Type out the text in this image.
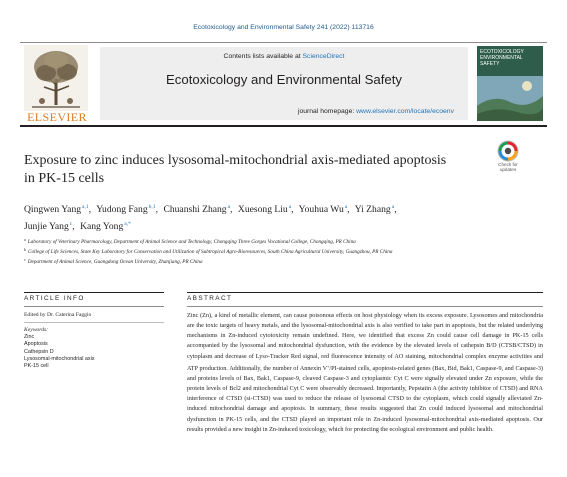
Ecotoxicology and Environmental Safety 241 (2022) 113716
ELSEVIER
Contents lists available at ScienceDirect
Ecotoxicology and Environmental Safety
journal homepage: www.elsevier.com/locate/ecoenv
ECOTOXICOLOGY
ENVIRONMENTAL
SAFETY
Exposure to zinc induces lysosomal-mitochondrial axis-mediated apoptosis
in PK-15 cells
Check for
updates
Qingwen Yang$^{a,1}$, Yudong Fang$^{b,1}$, Chuanshi Zhang$^a$, Xuesong Liu$^a$, Youhua Wu$^a$, Yi Zhang$^a$,
Junjie Yang$^c$, Kang Yong$^{a,*}$
$^a$ Laboratory of Veterinary Pharmacology, Department of Animal Science and Technology, Chongqing Three Gorges Vocational College, Chongqing, PR China
$^b$ College of Life Sciences, State Key Laboratory for Conservation and Utilization of Subtropical Agro-Bioresources, South China Agricultural University, Guangzhou, PR China
$^c$ Department of Animal Science, Guangdong Ocean University, Zhanjiang, PR China
ARTICLE INFO	ABSTRACT
Edited by Dr. Caterina Faggio
Keywords:
Zinc
Apoptosis
Cathepsin D
Lysosomal-mitochondrial axis
PK-15 cell
Zinc (Zn), a kind of metallic element, can cause poisonous effects on host physiology when its excess exposure. Lysosomes and mitochondria are the toxic targets of heavy metals, and the lysosomal-mitochondrial axis is also verified to take part in apoptosis, but the related underlying mechanisms in Zn-induced cytotoxicity remain undefined. Here, we identified that excess Zn could cause cell damage in PK-15 cells accompanied by the lysosomal and mitochondrial dysfunction, with the evidence by the elevated levels of cathepsin B/D (CTSB/CTSD) in cytoplasm and decrease of Lyso-Tracker Red signal, red fluorescence intensity of AO staining, mitochondrial complex enzyme activities and ATP production. Additionally, the number of Annexin V+/PI-stained cells, apoptosis-related genes (Bax, Bid, Bak1, Caspase-9, and Caspase-3) and proteins levels of Bax, Bak1, Caspase-9, cleaved Caspase-3 and cytoplasmic Cyt C were signally elevated under Zn exposure, while the protein levels of Bcl2 and mitochondrial Cyt C were observably decreased. Importantly, Pepstatin A (the activity inhibitor of CTSD) and RNA interference of CTSD (si-CTSD) was used to reduce the release of lysosomal CTSD to the cytoplasm, which could signally alleviated Zn-induced mitochondrial damage and apoptosis. In summary, these results suggested that Zn could induced lysosomal and mitochondrial dysfunction in PK-15 cells, and the CTSD played an important role in Zn-induced lysosomal-mitochondrial axis-mediated apoptosis. Our results provided a new insight in Zn-induced toxicology, which for protecting the ecological environment and public health.
